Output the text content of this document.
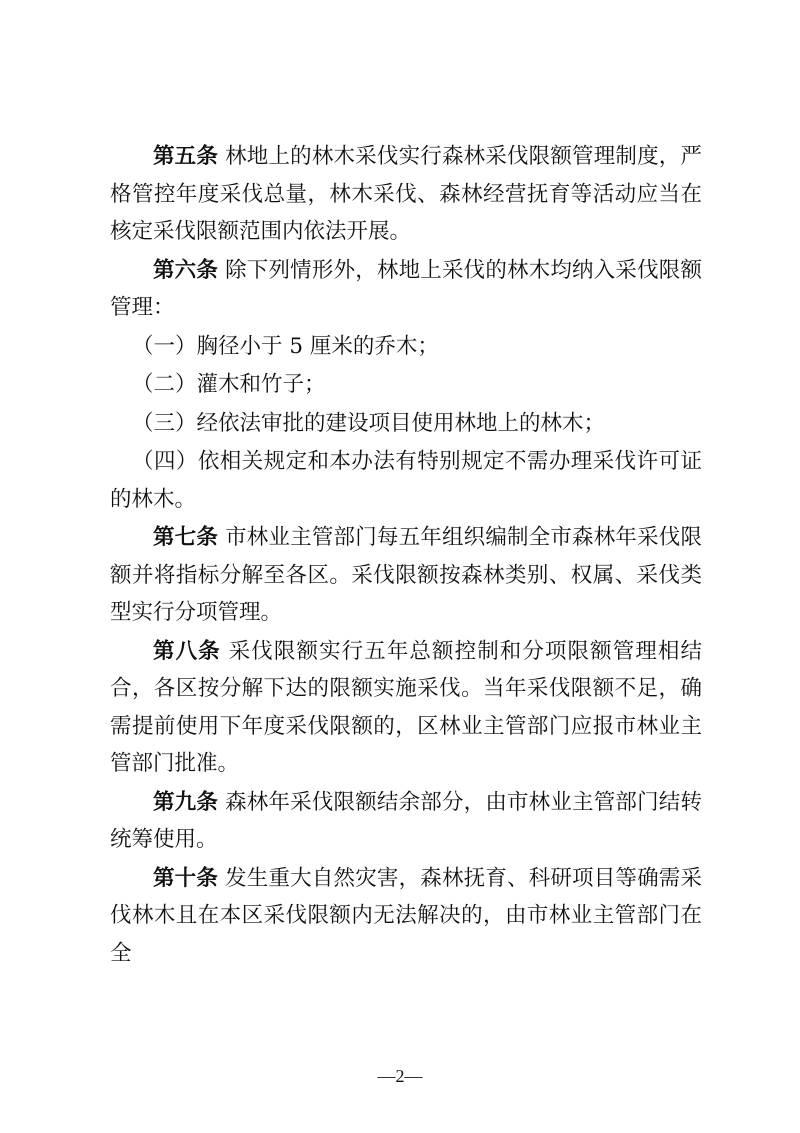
第五条 林地上的林木采伐实行森林采伐限额管理制度，严格管控年度采伐总量，林木采伐、森林经营抚育等活动应当在核定采伐限额范围内依法开展。

第六条 除下列情形外，林地上采伐的林木均纳入采伐限额管理：

（一）胸径小于 5 厘米的乔木；

（二）灌木和竹子；

（三）经依法审批的建设项目使用林地上的林木；

（四）依相关规定和本办法有特别规定不需办理采伐许可证的林木。

第七条 市林业主管部门每五年组织编制全市森林年采伐限额并将指标分解至各区。采伐限额按森林类别、权属、采伐类型实行分项管理。

第八条 采伐限额实行五年总额控制和分项限额管理相结合，各区按分解下达的限额实施采伐。当年采伐限额不足，确需提前使用下年度采伐限额的，区林业主管部门应报市林业主管部门批准。

第九条 森林年采伐限额结余部分，由市林业主管部门结转统筹使用。

第十条 发生重大自然灾害，森林抚育、科研项目等确需采伐林木且在本区采伐限额内无法解决的，由市林业主管部门在全

—2—
